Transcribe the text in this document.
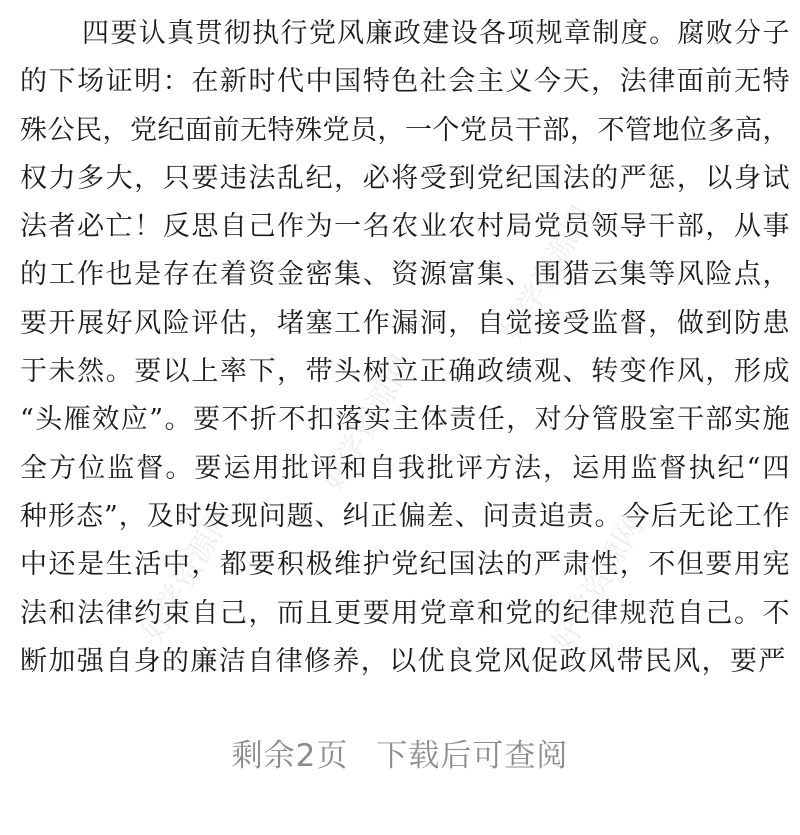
好学资源网
好学资源网
好学资源网	好学资源网
四要认真贯彻执行党风廉政建设各项规章制度。腐败分子
的下场证明：在新时代中国特色社会主义今天，法律面前无特
殊公民，党纪面前无特殊党员，一个党员干部，不管地位多高，
权力多大，只要违法乱纪，必将受到党纪国法的严惩，以身试
法者必亡！反思自己作为一名农业农村局党员领导干部，从事
的工作也是存在着资金密集、资源富集、围猎云集等风险点，
要开展好风险评估，堵塞工作漏洞，自觉接受监督，做到防患
于未然。要以上率下，带头树立正确政绩观、转变作风，形成
“头雁效应”。要不折不扣落实主体责任，对分管股室干部实施
全方位监督。要运用批评和自我批评方法，运用监督执纪“四
种形态”，及时发现问题、纠正偏差、问责追责。今后无论工作
中还是生活中，都要积极维护党纪国法的严肃性，不但要用宪
法和法律约束自己，而且更要用党章和党的纪律规范自己。不
断加强自身的廉洁自律修养，以优良党风促政风带民风，要严
剩余2页 下载后可查阅
